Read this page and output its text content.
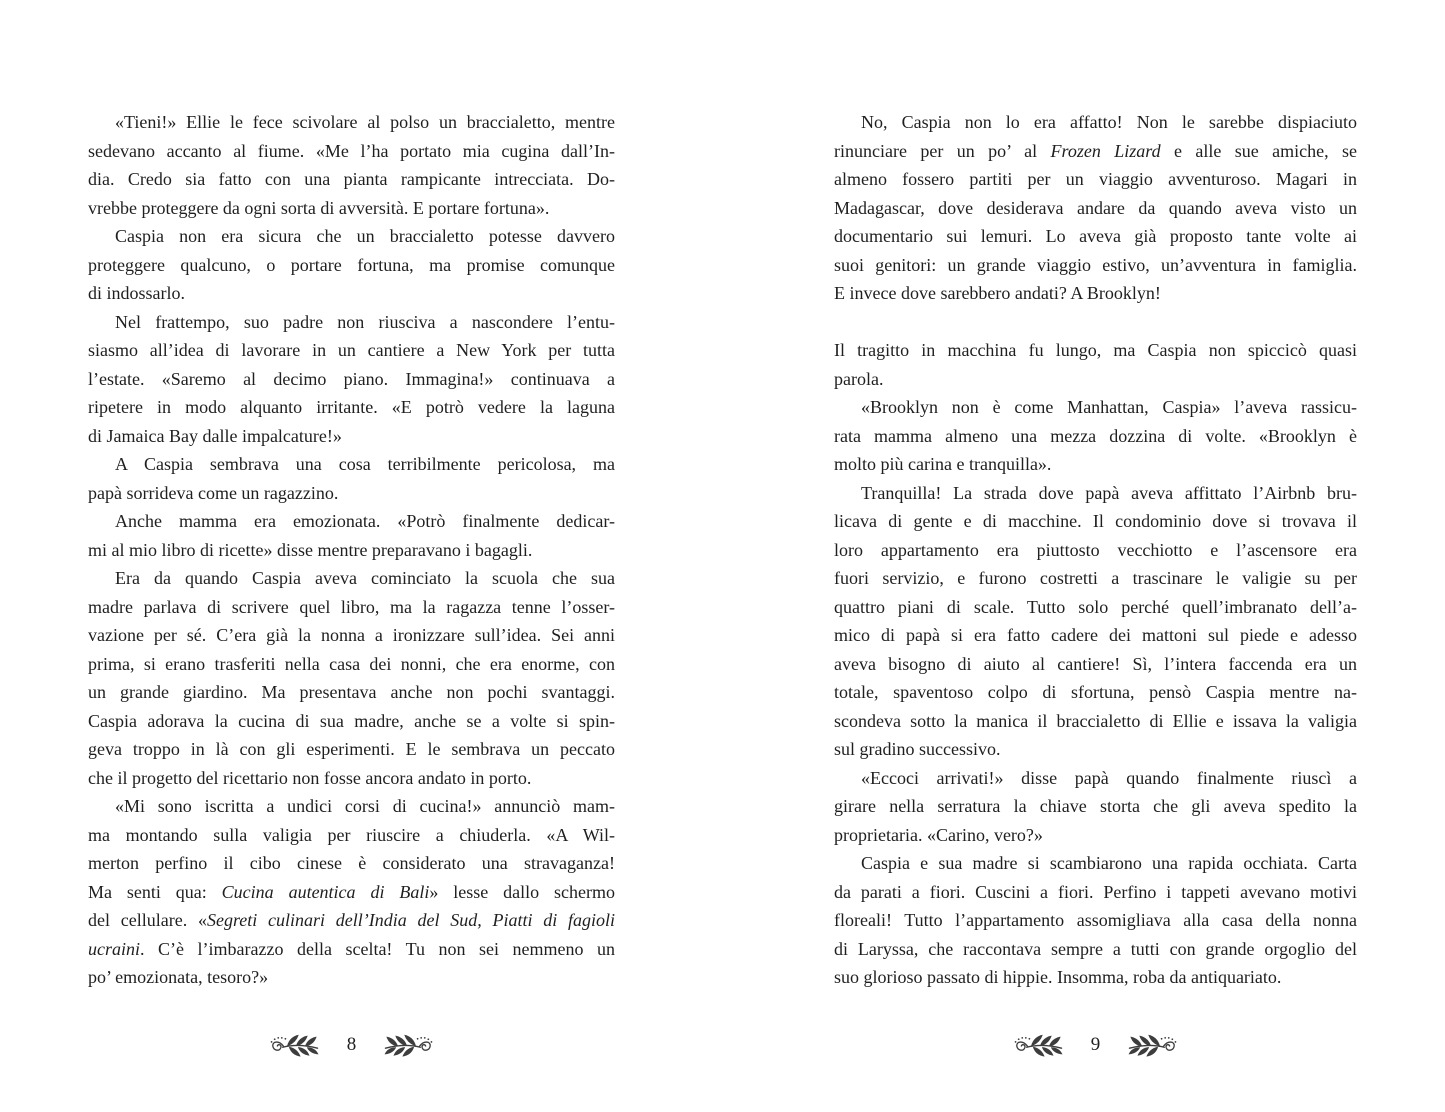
«Tieni!» Ellie le fece scivolare al polso un braccialetto, mentre
sedevano accanto al fiume. «Me l’ha portato mia cugina dall’In-
dia. Credo sia fatto con una pianta rampicante intrecciata. Do-
vrebbe proteggere da ogni sorta di avversità. E portare fortuna».
Caspia non era sicura che un braccialetto potesse davvero
proteggere qualcuno, o portare fortuna, ma promise comunque
di indossarlo.
Nel frattempo, suo padre non riusciva a nascondere l’entu-
siasmo all’idea di lavorare in un cantiere a New York per tutta
l’estate. «Saremo al decimo piano. Immagina!» continuava a
ripetere in modo alquanto irritante. «E potrò vedere la laguna
di Jamaica Bay dalle impalcature!»
A Caspia sembrava una cosa terribilmente pericolosa, ma
papà sorrideva come un ragazzino.
Anche mamma era emozionata. «Potrò finalmente dedicar-
mi al mio libro di ricette» disse mentre preparavano i bagagli.
Era da quando Caspia aveva cominciato la scuola che sua
madre parlava di scrivere quel libro, ma la ragazza tenne l’osser-
vazione per sé. C’era già la nonna a ironizzare sull’idea. Sei anni
prima, si erano trasferiti nella casa dei nonni, che era enorme, con
un grande giardino. Ma presentava anche non pochi svantaggi.
Caspia adorava la cucina di sua madre, anche se a volte si spin-
geva troppo in là con gli esperimenti. E le sembrava un peccato
che il progetto del ricettario non fosse ancora andato in porto.
«Mi sono iscritta a undici corsi di cucina!» annunciò mam-
ma montando sulla valigia per riuscire a chiuderla. «A Wil-
merton perfino il cibo cinese è considerato una stravaganza!
Ma senti qua: Cucina autentica di Bali» lesse dallo schermo
del cellulare. «Segreti culinari dell’India del Sud, Piatti di fagioli
ucraini. C’è l’imbarazzo della scelta! Tu non sei nemmeno un
po’ emozionata, tesoro?»
8
No, Caspia non lo era affatto! Non le sarebbe dispiaciuto
rinunciare per un po’ al Frozen Lizard e alle sue amiche, se
almeno fossero partiti per un viaggio avventuroso. Magari in
Madagascar, dove desiderava andare da quando aveva visto un
documentario sui lemuri. Lo aveva già proposto tante volte ai
suoi genitori: un grande viaggio estivo, un’avventura in famiglia.
E invece dove sarebbero andati? A Brooklyn!
Il tragitto in macchina fu lungo, ma Caspia non spiccicò quasi
parola.
«Brooklyn non è come Manhattan, Caspia» l’aveva rassicu-
rata mamma almeno una mezza dozzina di volte. «Brooklyn è
molto più carina e tranquilla».
Tranquilla! La strada dove papà aveva affittato l’Airbnb bru-
licava di gente e di macchine. Il condominio dove si trovava il
loro appartamento era piuttosto vecchiotto e l’ascensore era
fuori servizio, e furono costretti a trascinare le valigie su per
quattro piani di scale. Tutto solo perché quell’imbranato dell’a-
mico di papà si era fatto cadere dei mattoni sul piede e adesso
aveva bisogno di aiuto al cantiere! Sì, l’intera faccenda era un
totale, spaventoso colpo di sfortuna, pensò Caspia mentre na-
scondeva sotto la manica il braccialetto di Ellie e issava la valigia
sul gradino successivo.
«Eccoci arrivati!» disse papà quando finalmente riuscì a
girare nella serratura la chiave storta che gli aveva spedito la
proprietaria. «Carino, vero?»
Caspia e sua madre si scambiarono una rapida occhiata. Carta
da parati a fiori. Cuscini a fiori. Perfino i tappeti avevano motivi
floreali! Tutto l’appartamento assomigliava alla casa della nonna
di Laryssa, che raccontava sempre a tutti con grande orgoglio del
suo glorioso passato di hippie. Insomma, roba da antiquariato.
9
